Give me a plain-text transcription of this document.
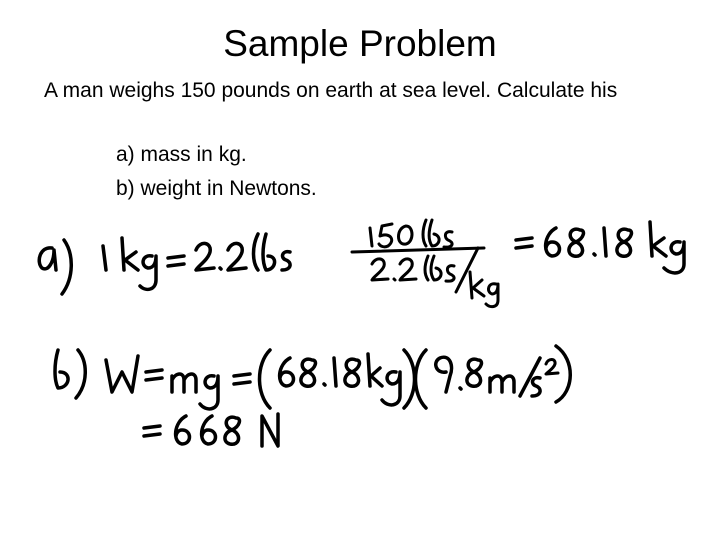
Sample Problem
A man weighs 150 pounds on earth at sea level. Calculate his
a) mass in kg.
b) weight in Newtons.
